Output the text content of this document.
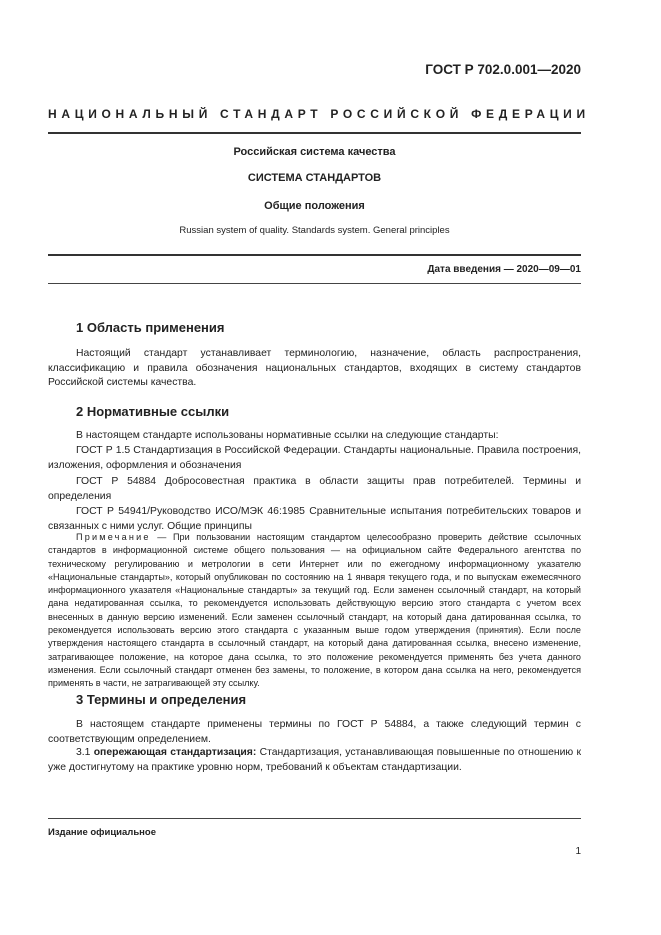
ГОСТ Р 702.0.001—2020
НАЦИОНАЛЬНЫЙ СТАНДАРТ РОССИЙСКОЙ ФЕДЕРАЦИИ
Российская система качества
СИСТЕМА СТАНДАРТОВ
Общие положения
Russian system of quality. Standards system. General principles
Дата введения — 2020—09—01
1 Область применения

Настоящий стандарт устанавливает терминологию, назначение, область распространения, классификацию и правила обозначения национальных стандартов, входящих в систему стандартов Российской системы качества.

2 Нормативные ссылки

В настоящем стандарте использованы нормативные ссылки на следующие стандарты:

ГОСТ Р 1.5 Стандартизация в Российской Федерации. Стандарты национальные. Правила построения, изложения, оформления и обозначения

ГОСТ Р 54884 Добросовестная практика в области защиты прав потребителей. Термины и определения

ГОСТ Р 54941/Руководство ИСО/МЭК 46:1985 Сравнительные испытания потребительских товаров и связанных с ними услуг. Общие принципы

Примечание — При пользовании настоящим стандартом целесообразно проверить действие ссылочных стандартов в информационной системе общего пользования — на официальном сайте Федерального агентства по техническому регулированию и метрологии в сети Интернет или по ежегодному информационному указателю «Национальные стандарты», который опубликован по состоянию на 1 января текущего года, и по выпускам ежемесячного информационного указателя «Национальные стандарты» за текущий год. Если заменен ссылочный стандарт, на который дана недатированная ссылка, то рекомендуется использовать действующую версию этого стандарта с учетом всех внесенных в данную версию изменений. Если заменен ссылочный стандарт, на который дана датированная ссылка, то рекомендуется использовать версию этого стандарта с указанным выше годом утверждения (принятия). Если после утверждения настоящего стандарта в ссылочный стандарт, на который дана датированная ссылка, внесено изменение, затрагивающее положение, на которое дана ссылка, то это положение рекомендуется применять без учета данного изменения. Если ссылочный стандарт отменен без замены, то положение, в котором дана ссылка на него, рекомендуется применять в части, не затрагивающей эту ссылку.

3 Термины и определения

В настоящем стандарте применены термины по ГОСТ Р 54884, а также следующий термин с соответствующим определением.

3.1 опережающая стандартизация: Стандартизация, устанавливающая повышенные по отношению к уже достигнутому на практике уровню норм, требований к объектам стандартизации.

Издание официальное
1
